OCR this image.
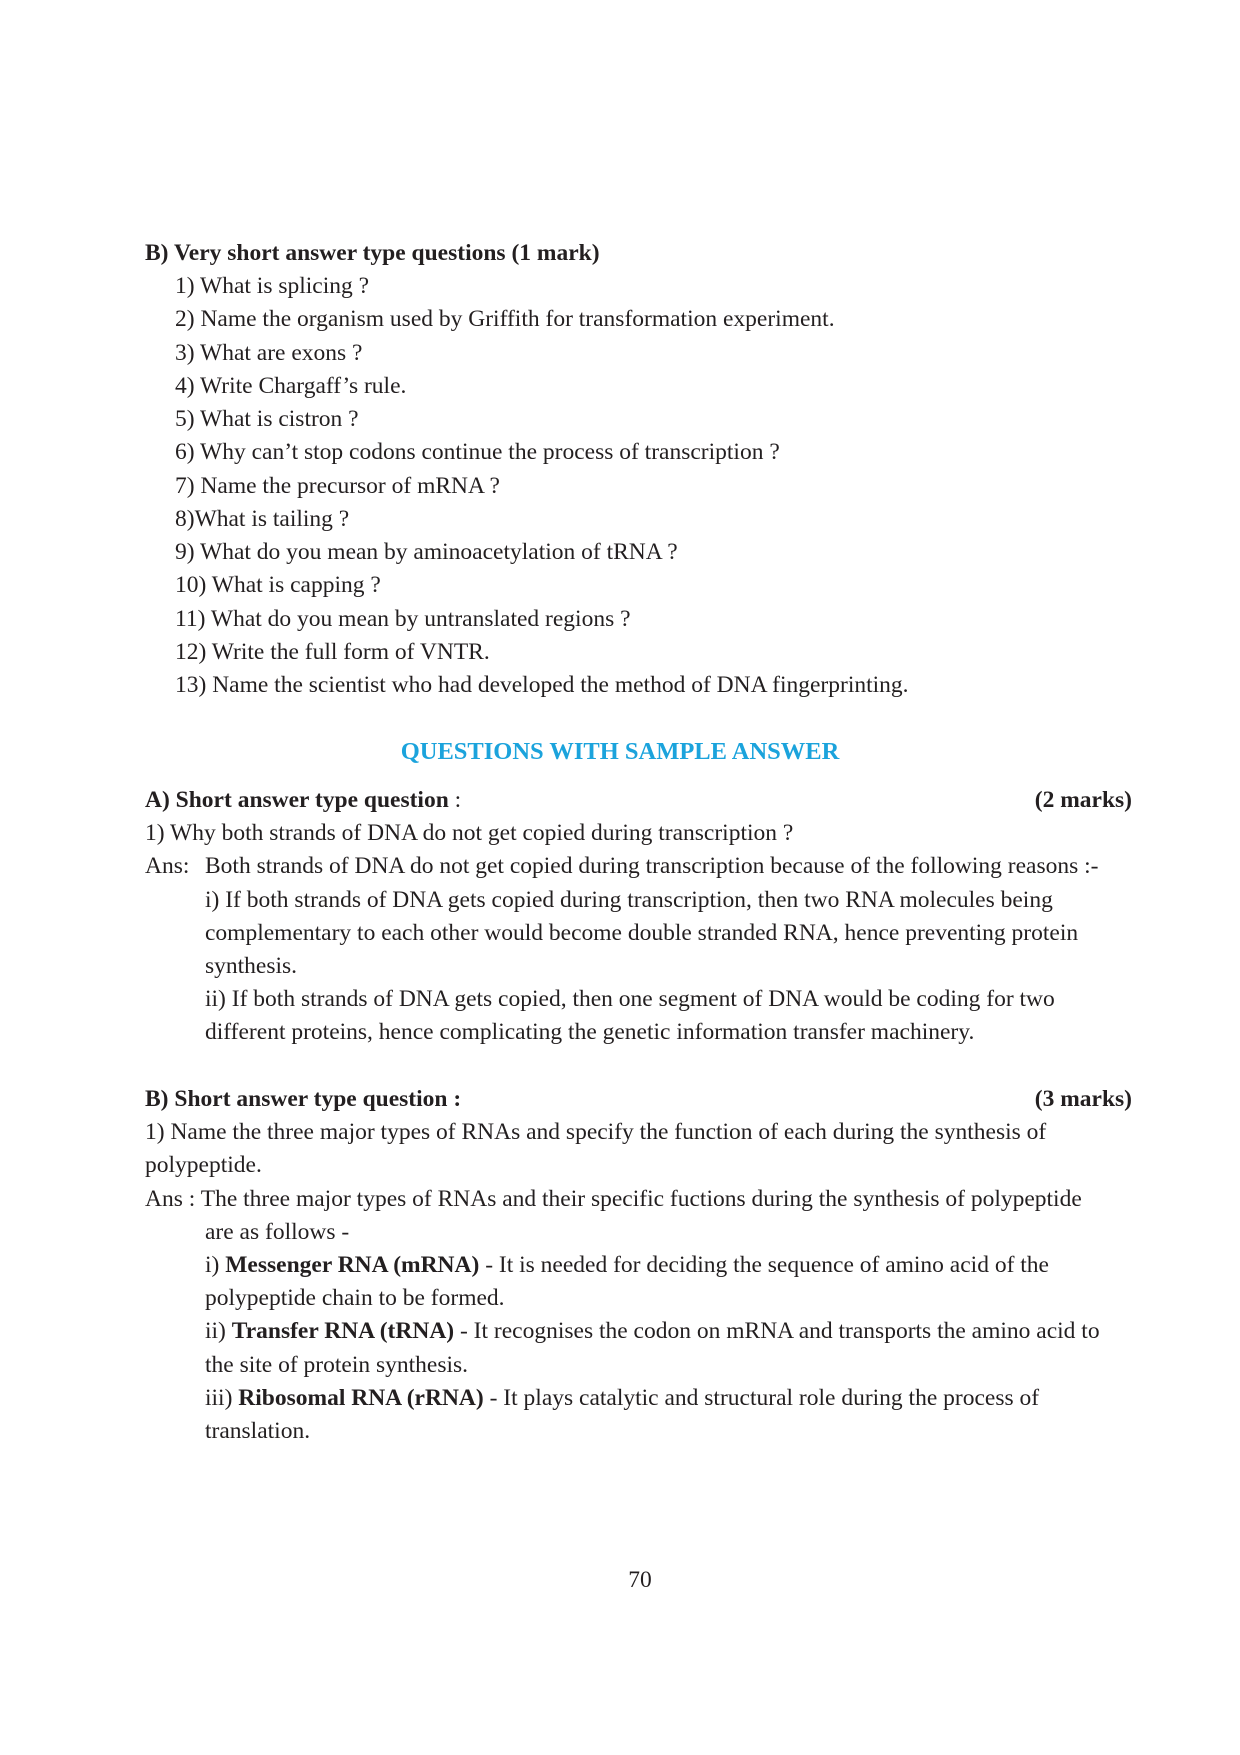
B) Very short answer type questions (1 mark)
1) What is splicing ?
2) Name the organism used by Griffith for transformation experiment.
3) What are exons ?
4) Write Chargaff’s rule.
5) What is cistron ?
6) Why can’t stop codons continue the process of transcription ?
7) Name the precursor of mRNA ?
8)What is tailing ?
9) What do you mean by aminoacetylation of tRNA ?
10) What is capping ?
11) What do you mean by untranslated regions ?
12) Write the full form of VNTR.
13) Name the scientist who had developed the method of DNA fingerprinting.
QUESTIONS WITH SAMPLE ANSWER
A) Short answer type question :	(2 marks)
1) Why both strands of DNA do not get copied during transcription ?
Ans: Both strands of DNA do not get copied during transcription because of the following reasons :-
i) If both strands of DNA gets copied during transcription, then two RNA molecules being
complementary to each other would become double stranded RNA, hence preventing protein
synthesis.
ii) If both strands of DNA gets copied, then one segment of DNA would be coding for two
different proteins, hence complicating the genetic information transfer machinery.
B) Short answer type question :	(3 marks)
1) Name the three major types of RNAs and specify the function of each during the synthesis of
polypeptide.
Ans : The three major types of RNAs and their specific fuctions during the synthesis of polypeptide
are as follows -
i) Messenger RNA (mRNA) - It is needed for deciding the sequence of amino acid of the
polypeptide chain to be formed.
ii) Transfer RNA (tRNA) - It recognises the codon on mRNA and transports the amino acid to
the site of protein synthesis.
iii) Ribosomal RNA (rRNA) - It plays catalytic and structural role during the process of
translation.
70
